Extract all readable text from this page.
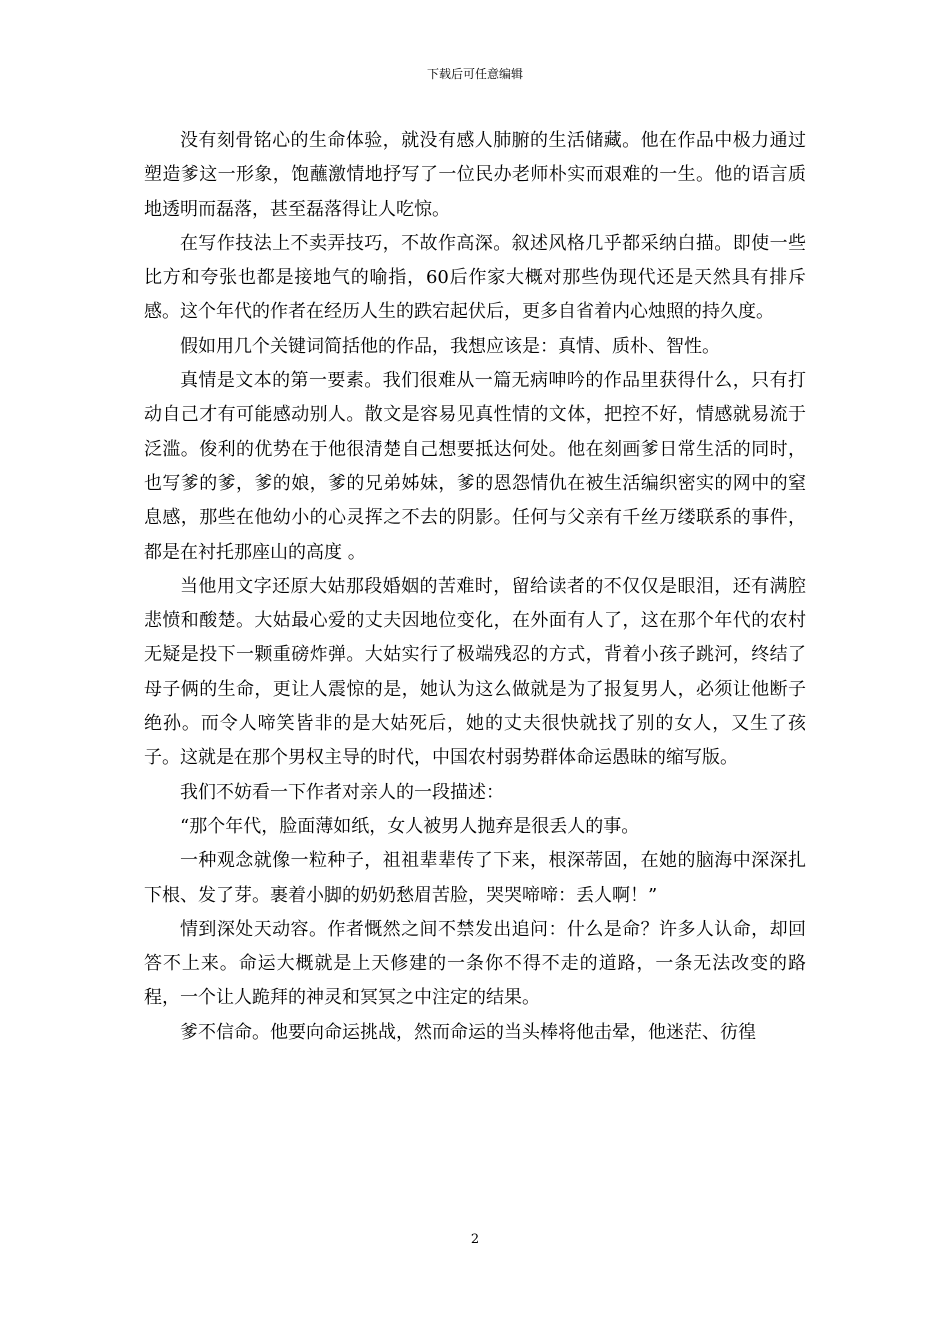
下载后可任意编辑

没有刻骨铭心的生命体验，就没有感人肺腑的生活储藏。他在作品中极力通过塑造爹这一形象，饱蘸激情地抒写了一位民办老师朴实而艰难的一生。他的语言质地透明而磊落，甚至磊落得让人吃惊。

在写作技法上不卖弄技巧，不故作高深。叙述风格几乎都采纳白描。即使一些比方和夸张也都是接地气的喻指，60后作家大概对那些伪现代还是天然具有排斥感。这个年代的作者在经历人生的跌宕起伏后，更多自省着内心烛照的持久度。

假如用几个关键词简括他的作品，我想应该是：真情、质朴、智性。

真情是文本的第一要素。我们很难从一篇无病呻吟的作品里获得什么，只有打动自己才有可能感动别人。散文是容易见真性情的文体，把控不好，情感就易流于泛滥。俊利的优势在于他很清楚自己想要抵达何处。他在刻画爹日常生活的同时，也写爹的爹，爹的娘，爹的兄弟姊妹，爹的恩怨情仇在被生活编织密实的网中的窒息感，那些在他幼小的心灵挥之不去的阴影。任何与父亲有千丝万缕联系的事件，都是在衬托那座山的高度 。

当他用文字还原大姑那段婚姻的苦难时，留给读者的不仅仅是眼泪，还有满腔悲愤和酸楚。大姑最心爱的丈夫因地位变化，在外面有人了，这在那个年代的农村无疑是投下一颗重磅炸弹。大姑实行了极端残忍的方式，背着小孩子跳河，终结了母子俩的生命，更让人震惊的是，她认为这么做就是为了报复男人，必须让他断子绝孙。而令人啼笑皆非的是大姑死后，她的丈夫很快就找了别的女人，又生了孩子。这就是在那个男权主导的时代，中国农村弱势群体命运愚昧的缩写版。

我们不妨看一下作者对亲人的一段描述：

“那个年代，脸面薄如纸，女人被男人抛弃是很丢人的事。

一种观念就像一粒种子，祖祖辈辈传了下来，根深蒂固，在她的脑海中深深扎下根、发了芽。裹着小脚的奶奶愁眉苦脸，哭哭啼啼：丢人啊！”

情到深处天动容。作者慨然之间不禁发出追问：什么是命？许多人认命，却回答不上来。命运大概就是上天修建的一条你不得不走的道路，一条无法改变的路程，一个让人跪拜的神灵和冥冥之中注定的结果。

爹不信命。他要向命运挑战，然而命运的当头棒将他击晕，他迷茫、彷徨

2
